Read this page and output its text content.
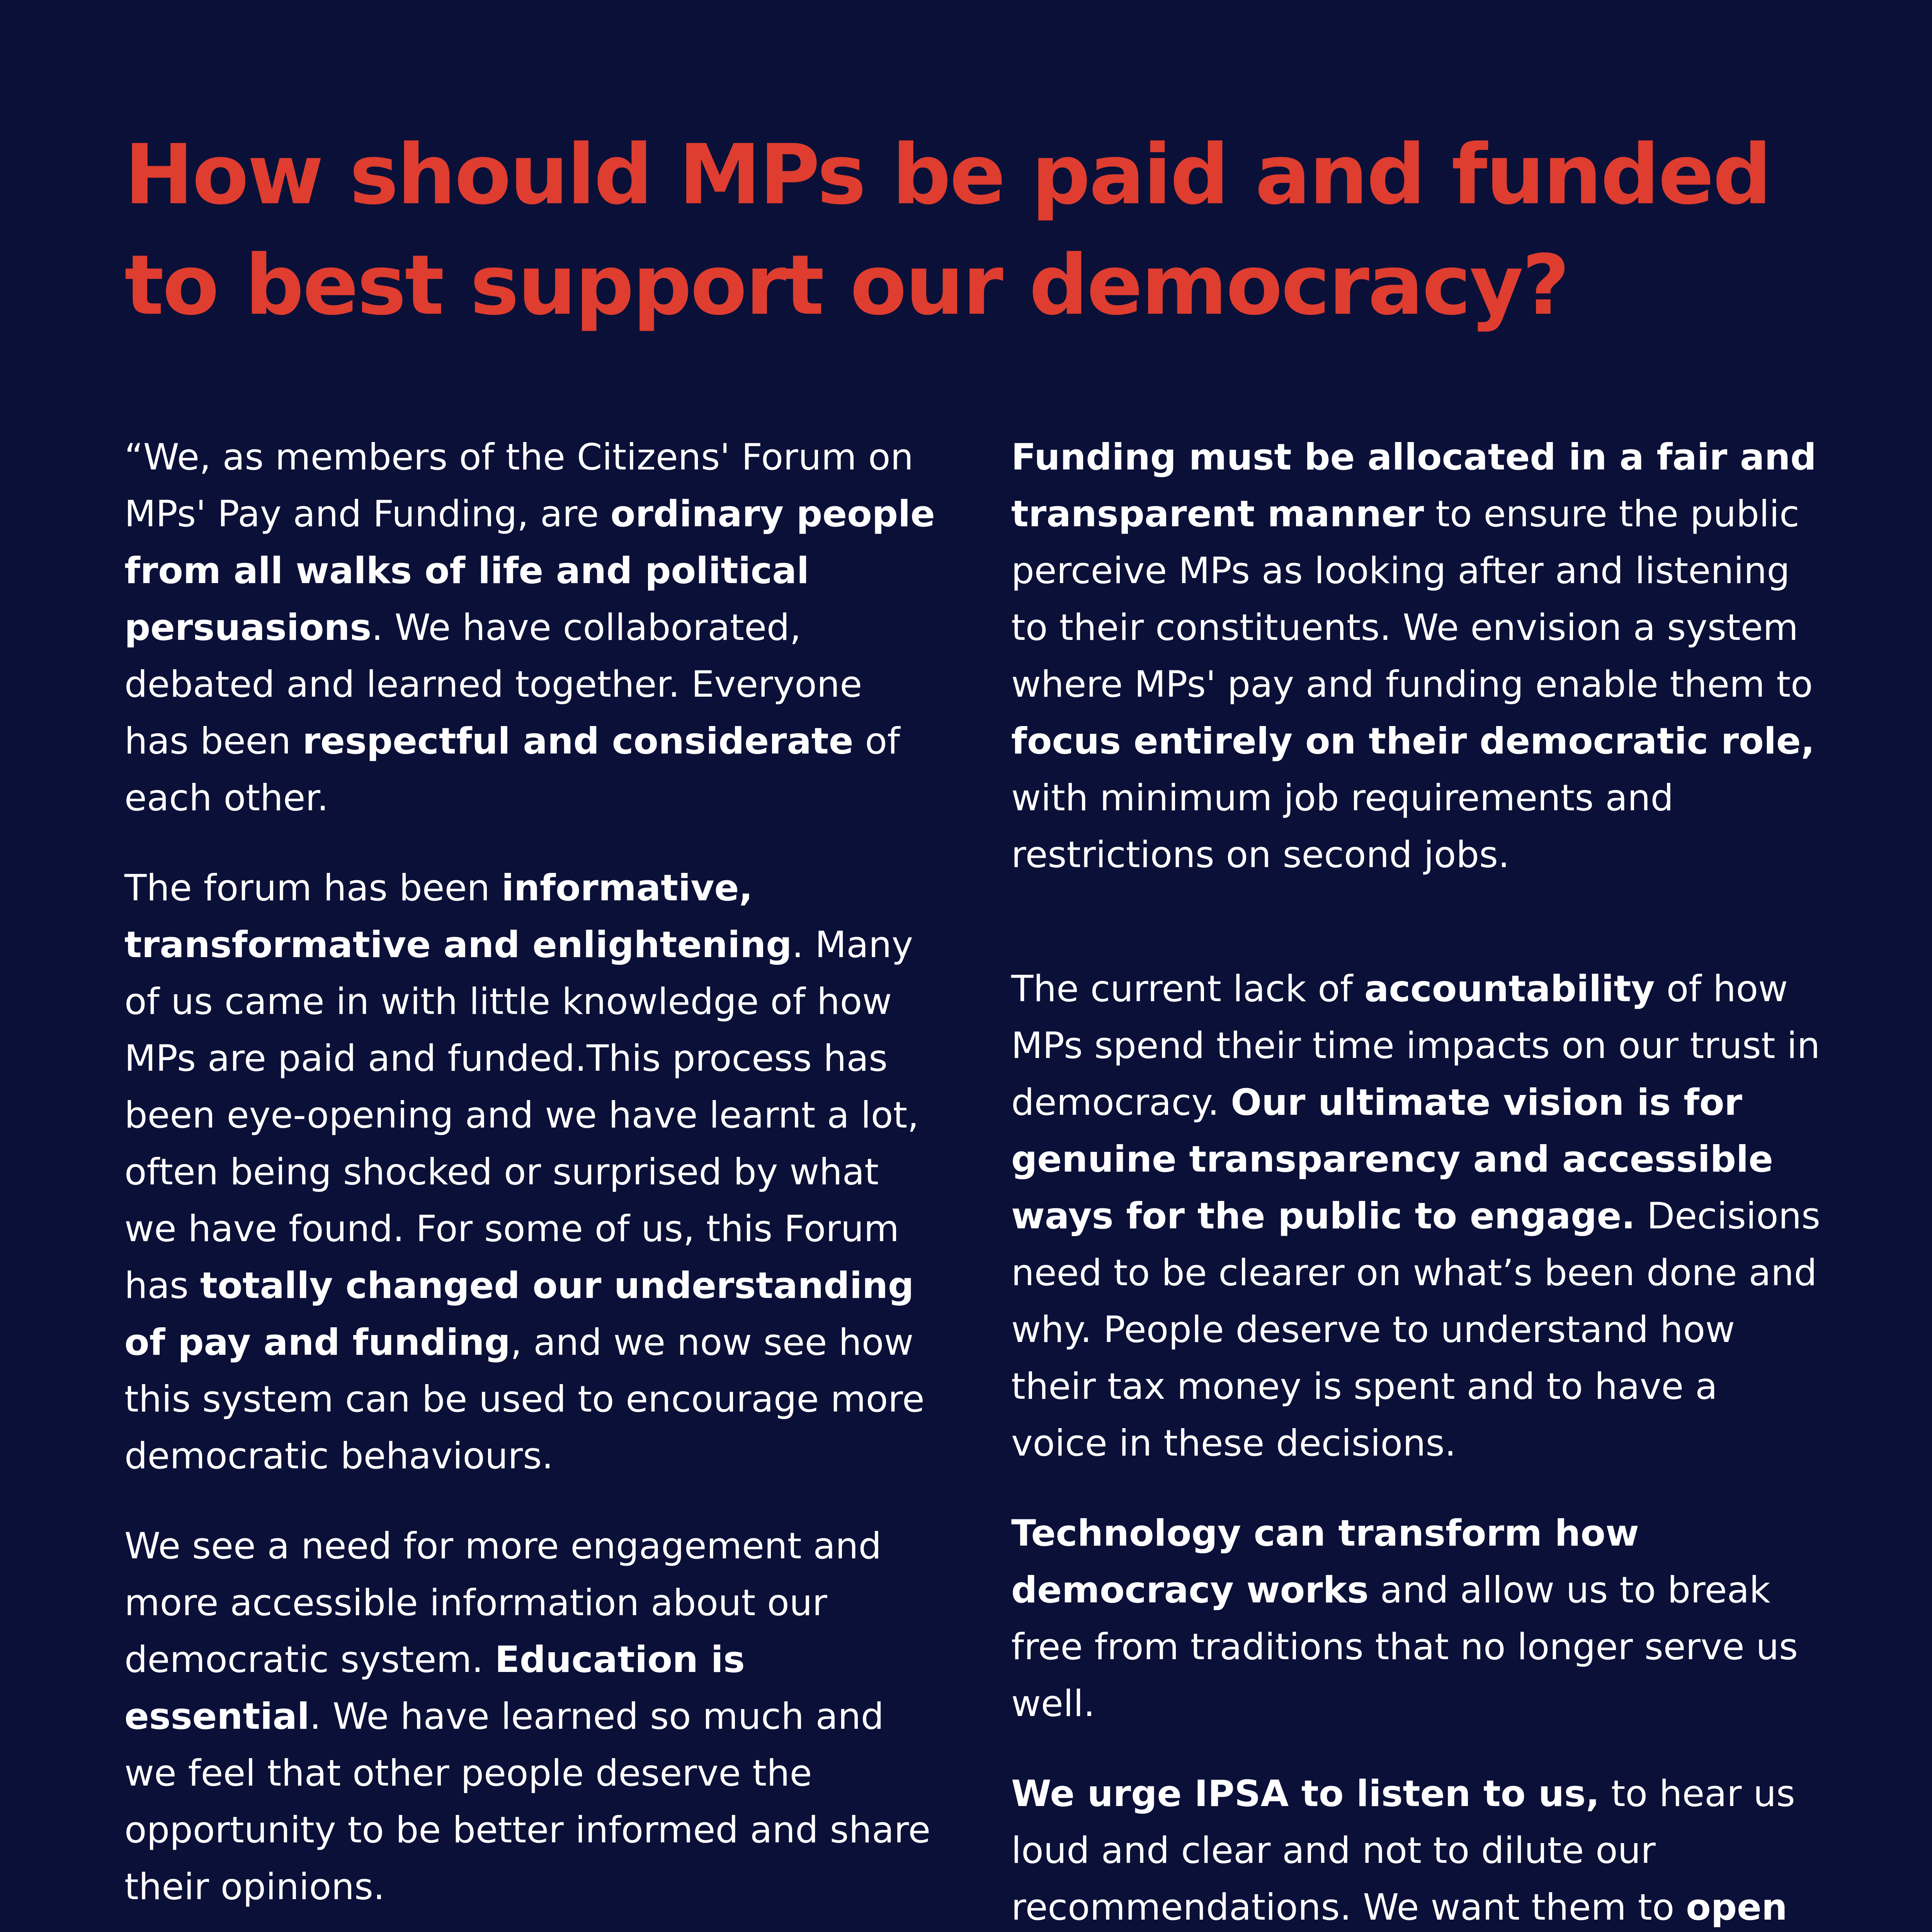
How should MPs be paid and funded to best support our democracy?

“We, as members of the Citizens' Forum on MPs' Pay and Funding, are ordinary people from all walks of life and political persuasions. We have collaborated, debated and learned together. Everyone has been respectful and considerate of each other.

The forum has been informative, transformative and enlightening. Many of us came in with little knowledge of how MPs are paid and funded.This process has been eye-opening and we have learnt a lot, often being shocked or surprised by what we have found. For some of us, this Forum has totally changed our understanding of pay and funding, and we now see how this system can be used to encourage more democratic behaviours.

We see a need for more engagement and more accessible information about our democratic system. Education is essential. We have learned so much and we feel that other people deserve the opportunity to be better informed and share their opinions.

Funding must be allocated in a fair and transparent manner to ensure the public perceive MPs as looking after and listening to their constituents. We envision a system where MPs' pay and funding enable them to focus entirely on their democratic role, with minimum job requirements and restrictions on second jobs.

The current lack of accountability of how MPs spend their time impacts on our trust in democracy. Our ultimate vision is for genuine transparency and accessible ways for the public to engage. Decisions need to be clearer on what’s been done and why. People deserve to understand how their tax money is spent and to have a voice in these decisions.

Technology can transform how democracy works and allow us to break free from traditions that no longer serve us well.

We urge IPSA to listen to us, to hear us loud and clear and not to dilute our recommendations. We want them to open
